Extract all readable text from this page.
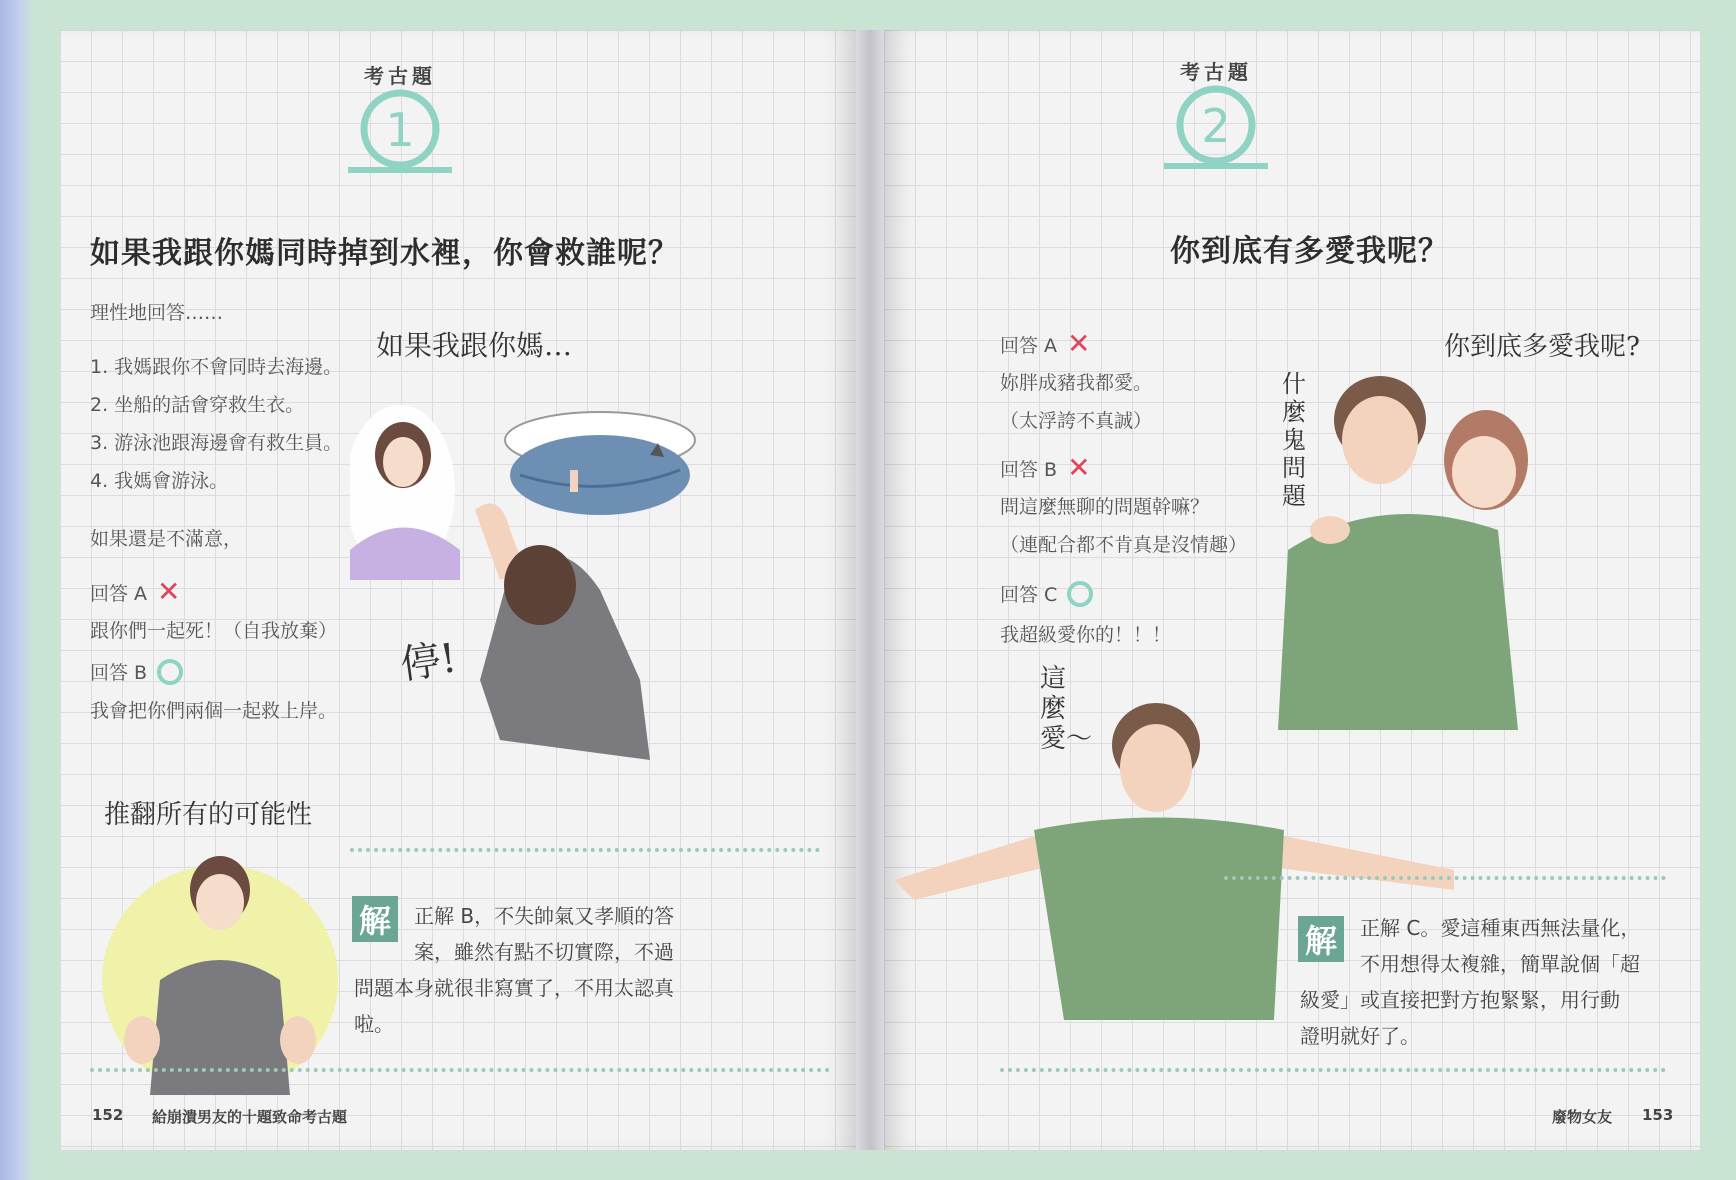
考古題
1
如果我跟你媽同時掉到水裡，你會救誰呢？
理性地回答……
1. 我媽跟你不會同時去海邊。
2. 坐船的話會穿救生衣。
3. 游泳池跟海邊會有救生員。
4. 我媽會游泳。
如果還是不滿意，
回答 A ✕
跟你們一起死！（自我放棄）
回答 B
我會把你們兩個一起救上岸。
如果我跟你媽…
停!
推翻所有的可能性
解	正解 B，不失帥氣又孝順的答
案，雖然有點不切實際，不過
問題本身就很非寫實了，不用太認真
啦。
152 給崩潰男友的十題致命考古題
考古題
2
你到底有多愛我呢？
回答 A ✕
妳胖成豬我都愛。
（太浮誇不真誠）
回答 B ✕
問這麼無聊的問題幹嘛？
（連配合都不肯真是沒情趣）
回答 C
我超級愛你的！！！
你到底多愛我呢?
什麼鬼問題
這麼愛〜
解	正解 C。愛這種東西無法量化，
不用想得太複雜，簡單說個「超
級愛」或直接把對方抱緊緊，用行動
證明就好了。
廢物女友 153
